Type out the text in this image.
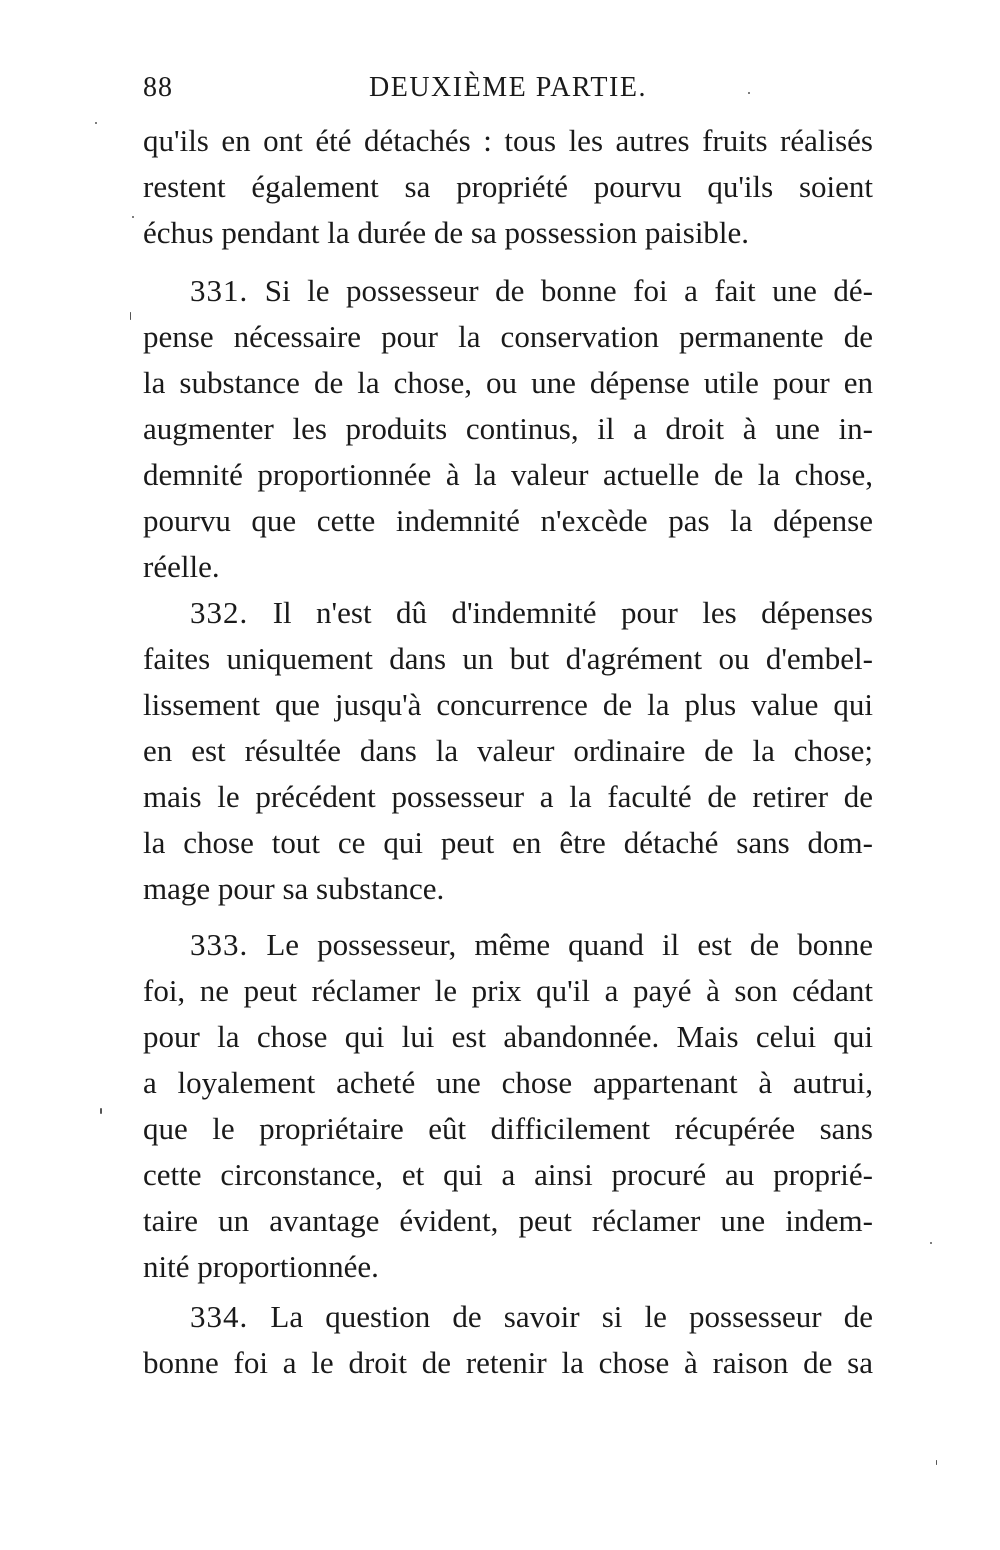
88	DEUXIÈME PARTIE.
qu'ils en ont été détachés : tous les autres fruits réalisés
restent également sa propriété pourvu qu'ils soient
échus pendant la durée de sa possession paisible.
331. Si le possesseur de bonne foi a fait une dé-
pense nécessaire pour la conservation permanente de
la substance de la chose, ou une dépense utile pour en
augmenter les produits continus, il a droit à une in-
demnité proportionnée à la valeur actuelle de la chose,
pourvu que cette indemnité n'excède pas la dépense
réelle.
332. Il n'est dû d'indemnité pour les dépenses
faites uniquement dans un but d'agrément ou d'embel-
lissement que jusqu'à concurrence de la plus value qui
en est résultée dans la valeur ordinaire de la chose;
mais le précédent possesseur a la faculté de retirer de
la chose tout ce qui peut en être détaché sans dom-
mage pour sa substance.
333. Le possesseur, même quand il est de bonne
foi, ne peut réclamer le prix qu'il a payé à son cédant
pour la chose qui lui est abandonnée. Mais celui qui
a loyalement acheté une chose appartenant à autrui,
que le propriétaire eût difficilement récupérée sans
cette circonstance, et qui a ainsi procuré au proprié-
taire un avantage évident, peut réclamer une indem-
nité proportionnée.
334. La question de savoir si le possesseur de
bonne foi a le droit de retenir la chose à raison de sa
